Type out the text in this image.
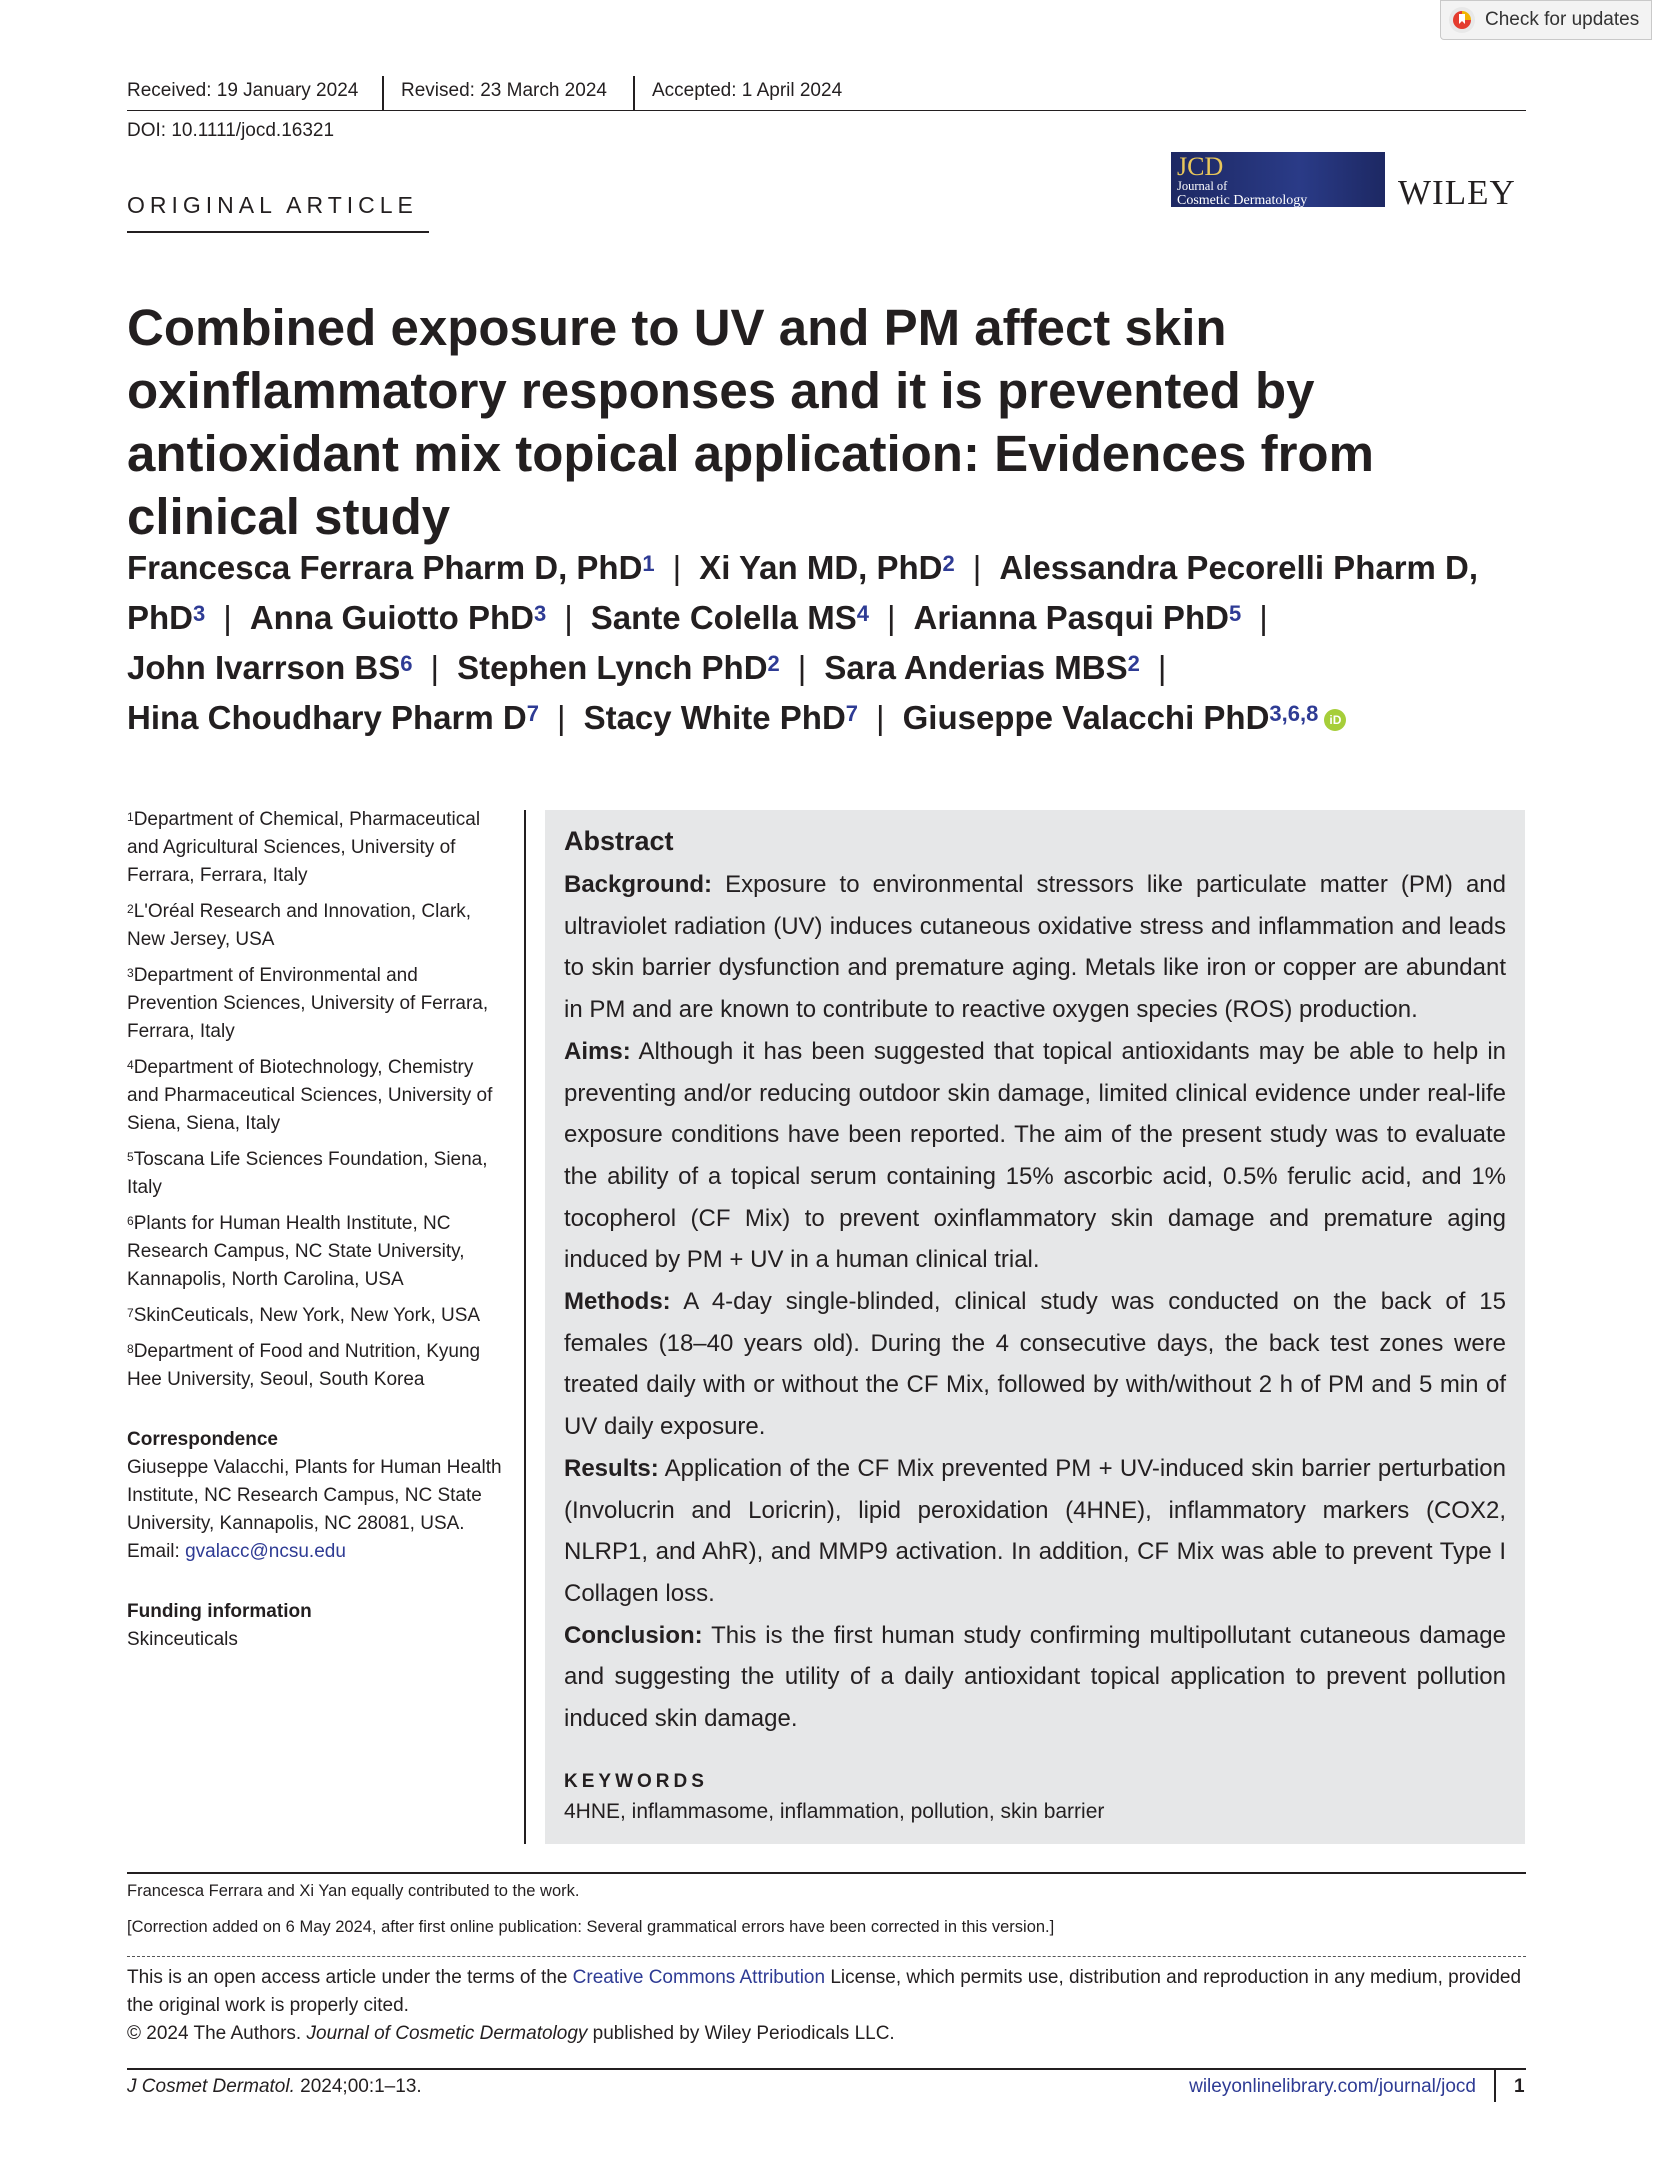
Check for updates
Received: 19 January 2024 Revised: 23 March 2024 Accepted: 1 April 2024
DOI: 10.1111/jocd.16321
ORIGINAL ARTICLE
JCD
Journal of
Cosmetic Dermatology	WILEY
Combined exposure to UV and PM affect skin oxinflammatory responses and it is prevented by antioxidant mix topical application: Evidences from clinical study
Francesca Ferrara Pharm D, PhD$^1$ | Xi Yan MD, PhD$^2$ | Alessandra Pecorelli Pharm D, PhD$^3$ | Anna Guiotto PhD$^3$ | Sante Colella $MS^4$ | Arianna Pasqui PhD$^5$ |
John Ivarrson $BS^6$ | Stephen Lynch PhD$^2$ | Sara Anderias MBS$^2$ |
Hina Choudhary Pharm $D^7$ | Stacy White PhD$^7$ | Giuseppe Valacchi PhD$^{3,6,8}$ iD
$^1$Department of Chemical, Pharmaceutical and Agricultural Sciences, University of Ferrara, Ferrara, Italy
$^2$L'Oréal Research and Innovation, Clark, New Jersey, USA
$^3$Department of Environmental and Prevention Sciences, University of Ferrara, Ferrara, Italy
$^4$Department of Biotechnology, Chemistry and Pharmaceutical Sciences, University of Siena, Siena, Italy
$^5$Toscana Life Sciences Foundation, Siena, Italy
$^6$Plants for Human Health Institute, NC Research Campus, NC State University, Kannapolis, North Carolina, USA
$^7$SkinCeuticals, New York, New York, USA
$^8$Department of Food and Nutrition, Kyung Hee University, Seoul, South Korea
Correspondence
Giuseppe Valacchi, Plants for Human Health Institute, NC Research Campus, NC State University, Kannapolis, NC 28081, USA.
Email: gvalacc@ncsu.edu
Funding information
Skinceuticals
Abstract
Background: Exposure to environmental stressors like particulate matter (PM) and ultraviolet radiation (UV) induces cutaneous oxidative stress and inflammation and leads to skin barrier dysfunction and premature aging. Metals like iron or copper are abundant in PM and are known to contribute to reactive oxygen species (ROS) production.
Aims: Although it has been suggested that topical antioxidants may be able to help in preventing and/or reducing outdoor skin damage, limited clinical evidence under real-life exposure conditions have been reported. The aim of the present study was to evaluate the ability of a topical serum containing 15% ascorbic acid, 0.5% ferulic acid, and 1% tocopherol (CF Mix) to prevent oxinflammatory skin damage and premature aging induced by PM + UV in a human clinical trial.
Methods: A 4-day single-blinded, clinical study was conducted on the back of 15 females (18–40 years old). During the 4 consecutive days, the back test zones were treated daily with or without the CF Mix, followed by with/without 2 h of PM and 5 min of UV daily exposure.
Results: Application of the CF Mix prevented PM + UV-induced skin barrier perturbation (Involucrin and Loricrin), lipid peroxidation (4HNE), inflammatory markers (COX2, NLRP1, and AhR), and MMP9 activation. In addition, CF Mix was able to prevent Type I Collagen loss.
Conclusion: This is the first human study confirming multipollutant cutaneous damage and suggesting the utility of a daily antioxidant topical application to prevent pollution induced skin damage.
KEYWORDS
4HNE, inflammasome, inflammation, pollution, skin barrier
Francesca Ferrara and Xi Yan equally contributed to the work.
[Correction added on 6 May 2024, after first online publication: Several grammatical errors have been corrected in this version.]
This is an open access article under the terms of the Creative Commons Attribution License, which permits use, distribution and reproduction in any medium, provided the original work is properly cited.
© 2024 The Authors. Journal of Cosmetic Dermatology published by Wiley Periodicals LLC.
J Cosmet Dermatol. 2024;00:1–13.	wileyonlinelibrary.com/journal/jocd 1
